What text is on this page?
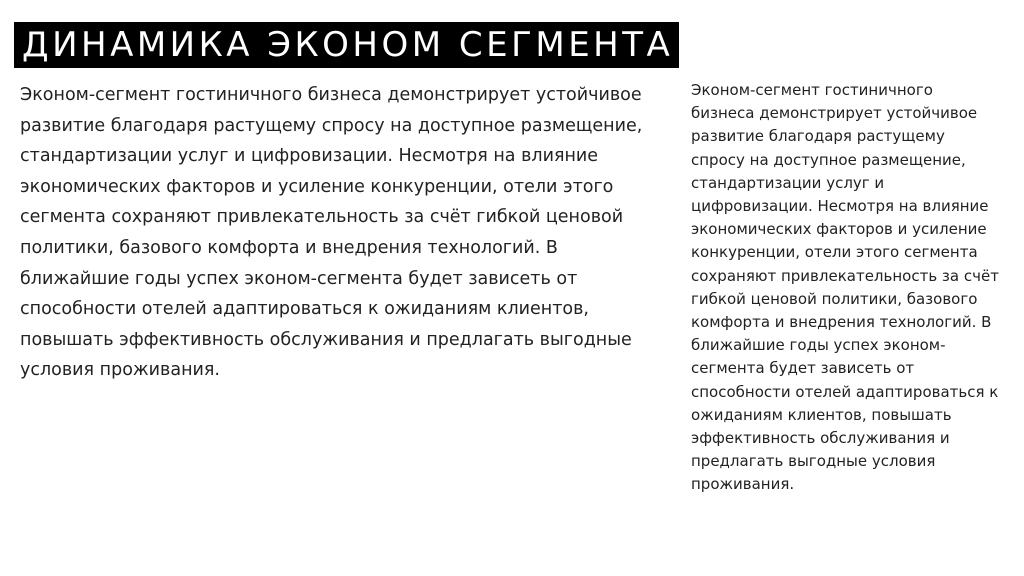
ДИНАМИКА ЭКОНОМ СЕГМЕНТА

Эконом-сегмент гостиничного бизнеса демонстрирует устойчивое развитие благодаря растущему спросу на доступное размещение, стандартизации услуг и цифровизации. Несмотря на влияние экономических факторов и усиление конкуренции, отели этого сегмента сохраняют привлекательность за счёт гибкой ценовой политики, базового комфорта и внедрения технологий. В ближайшие годы успех эконом-сегмента будет зависеть от способности отелей адаптироваться к ожиданиям клиентов, повышать эффективность обслуживания и предлагать выгодные условия проживания.

Эконом-сегмент гостиничного бизнеса демонстрирует устойчивое развитие благодаря растущему спросу на доступное размещение, стандартизации услуг и цифровизации. Несмотря на влияние экономических факторов и усиление конкуренции, отели этого сегмента сохраняют привлекательность за счёт гибкой ценовой политики, базового комфорта и внедрения технологий. В ближайшие годы успех эконом-сегмента будет зависеть от способности отелей адаптироваться к ожиданиям клиентов, повышать эффективность обслуживания и предлагать выгодные условия проживания.
